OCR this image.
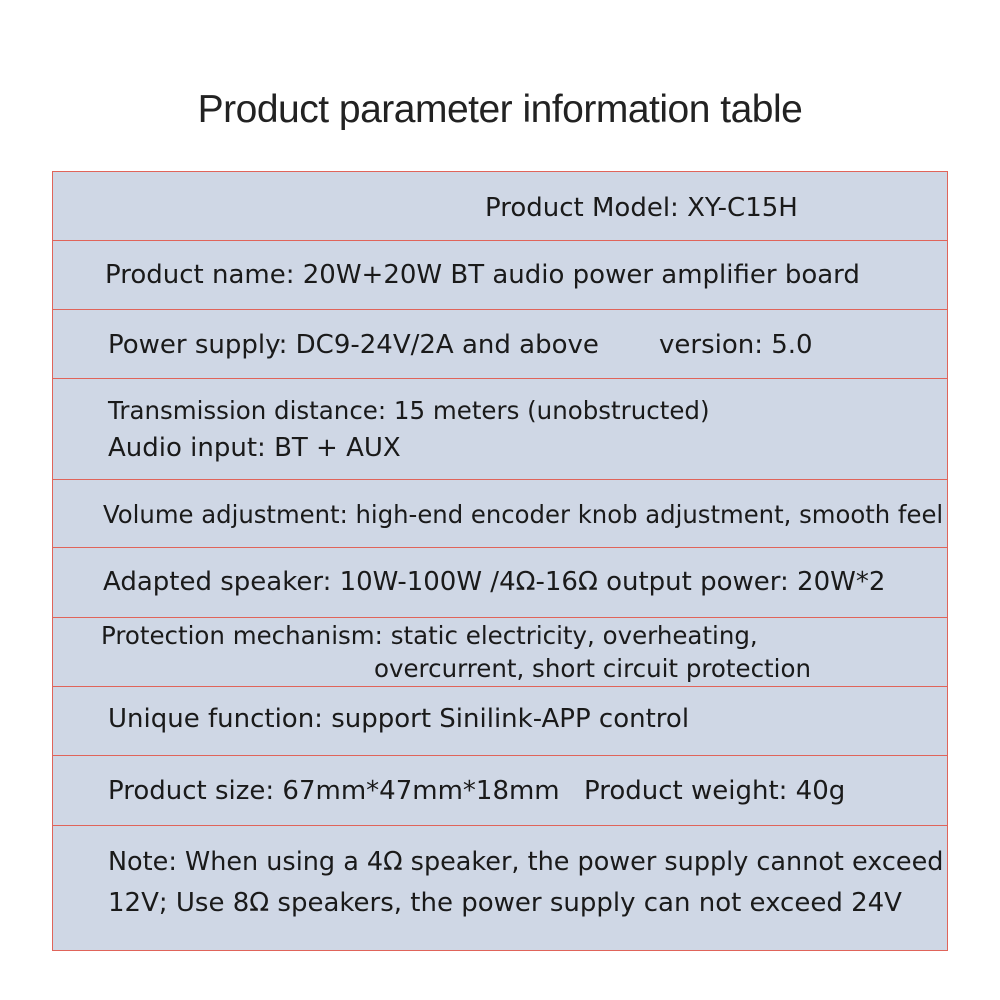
Product parameter information table
Product Model: XY-C15H
Product name: 20W+20W BT audio power amplifier board
Power supply: DC9-24V/2A and above version: 5.0
Transmission distance: 15 meters (unobstructed)
Audio input: BT + AUX
Volume adjustment: high-end encoder knob adjustment, smooth feel
Adapted speaker: 10W-100W /4Ω-16Ω output power: 20W*2
Protection mechanism: static electricity, overheating,
overcurrent, short circuit protection
Unique function: support Sinilink-APP control
Product size: 67mm*47mm*18mm Product weight: 40g
Note: When using a 4Ω speaker, the power supply cannot exceed
12V; Use 8Ω speakers, the power supply can not exceed 24V
